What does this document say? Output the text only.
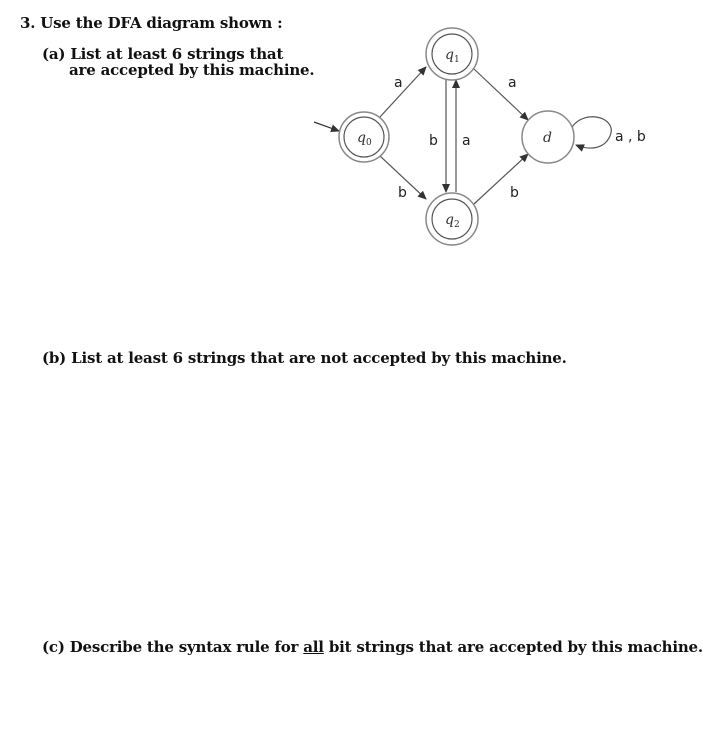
3. Use the DFA diagram shown :

(a) List at least 6 strings that

are accepted by this machine.

$q_0$
$q_1$
$q_2$
d
a
b
b a
a
b
a , b

(b) List at least 6 strings that are not accepted by this machine.

(c) Describe the syntax rule for all bit strings that are accepted by this machine.
